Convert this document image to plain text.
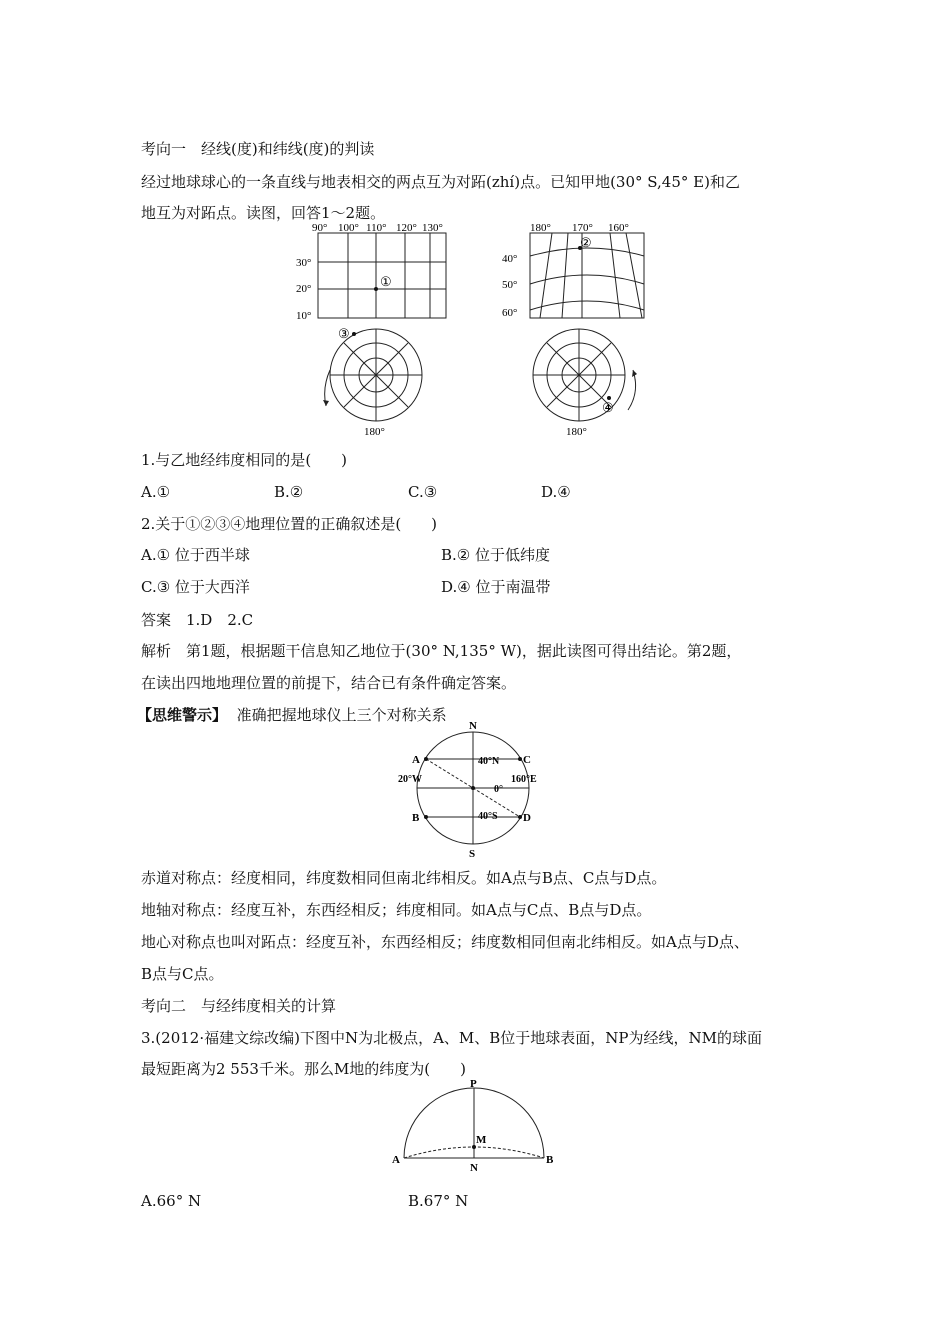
考向一　经线(度)和纬线(度)的判读
经过地球球心的一条直线与地表相交的两点互为对跖(zhí)点。已知甲地(30° S,45° E)和乙
地互为对跖点。读图，回答1～2题。
90° 100° 110° 120° 130°
30°
20°
10°
①
180° 170° 160°
40°
50°
60°
②
③
180°
④
180°
1.与乙地经纬度相同的是(　　)
A.①	B.②	C.③	D.④
2.关于①②③④地理位置的正确叙述是(　　)
A.① 位于西半球	B.② 位于低纬度
C.③ 位于大西洋	D.④ 位于南温带
答案　1.D　2.C
解析　第1题，根据题干信息知乙地位于(30° N,135° W)，据此读图可得出结论。第2题，
在读出四地地理位置的前提下，结合已有条件确定答案。
【思维警示】 准确把握地球仪上三个对称关系
N
S
A
B
C
D
40°N
40°S
20°W	160°E
0°
赤道对称点：经度相同，纬度数相同但南北纬相反。如A点与B点、C点与D点。
地轴对称点：经度互补，东西经相反；纬度相同。如A点与C点、B点与D点。
地心对称点也叫对跖点：经度互补，东西经相反；纬度数相同但南北纬相反。如A点与D点、
B点与C点。
考向二　与经纬度相关的计算
3.(2012·福建文综改编)下图中N为北极点，A、M、B位于地球表面，NP为经线，NM的球面
最短距离为2 553千米。那么M地的纬度为(　　)
P
M
A
N
B
A.66° N	B.67° N
